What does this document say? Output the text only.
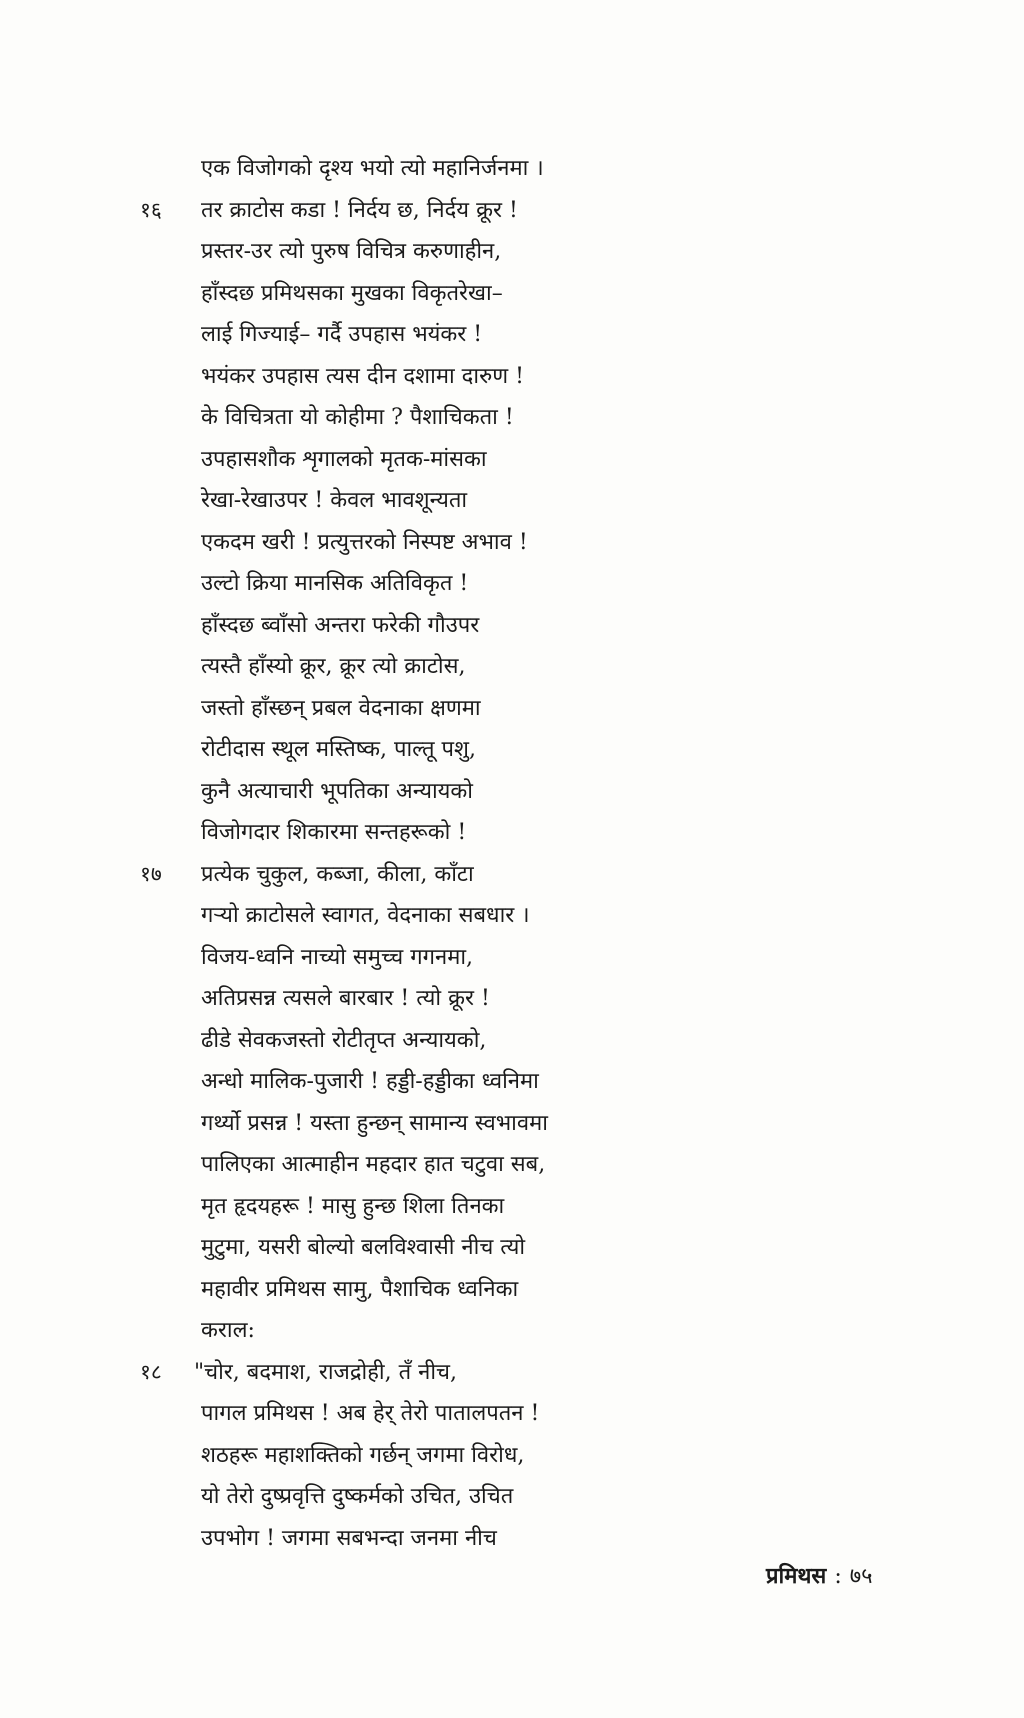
एक विजोगको दृश्य भयो त्यो महानिर्जनमा ।
१६ तर क्राटोस कडा ! निर्दय छ, निर्दय क्रूर !
प्रस्तर-उर त्यो पुरुष विचित्र करुणाहीन,
हाँस्दछ प्रमिथसका मुखका विकृतरेखा–
लाई गिज्याई– गर्दै उपहास भयंकर !
भयंकर उपहास त्यस दीन दशामा दारुण !
के विचित्रता यो कोहीमा ? पैशाचिकता !
उपहासशौक शृगालको मृतक-मांसका
रेखा-रेखाउपर ! केवल भावशून्यता
एकदम खरी ! प्रत्युत्तरको निस्पष्ट अभाव !
उल्टो क्रिया मानसिक अतिविकृत !
हाँस्दछ ब्वाँसो अन्तरा फरेकी गौउपर
त्यस्तै हाँस्यो क्रूर, क्रूर त्यो क्राटोस,
जस्तो हाँस्छन् प्रबल वेदनाका क्षणमा
रोटीदास स्थूल मस्तिष्क, पाल्तू पशु,
कुनै अत्याचारी भूपतिका अन्यायको
विजोगदार शिकारमा सन्तहरूको !
१७ प्रत्येक चुकुल, कब्जा, कीला, काँटा
गर्‍यो क्राटोसले स्वागत, वेदनाका सबधार ।
विजय-ध्वनि नाच्यो समुच्च गगनमा,
अतिप्रसन्न त्यसले बारबार ! त्यो क्रूर !
ढीडे सेवकजस्तो रोटीतृप्त अन्यायको,
अन्धो मालिक-पुजारी ! हड्डी-हड्डीका ध्वनिमा
गर्थ्यो प्रसन्न ! यस्ता हुन्छन् सामान्य स्वभावमा
पालिएका आत्माहीन महदार हात चटुवा सब,
मृत हृदयहरू ! मासु हुन्छ शिला तिनका
मुटुमा, यसरी बोल्यो बलविश्वासी नीच त्यो
महावीर प्रमिथस सामु, पैशाचिक ध्वनिका
कराल:
१८ "चोर, बदमाश, राजद्रोही, तँ नीच,
पागल प्रमिथस ! अब हेर् तेरो पातालपतन !
शठहरू महाशक्तिको गर्छन् जगमा विरोध,
यो तेरो दुष्प्रवृत्ति दुष्कर्मको उचित, उचित
उपभोग ! जगमा सबभन्दा जनमा नीच
प्रमिथस : ७५
